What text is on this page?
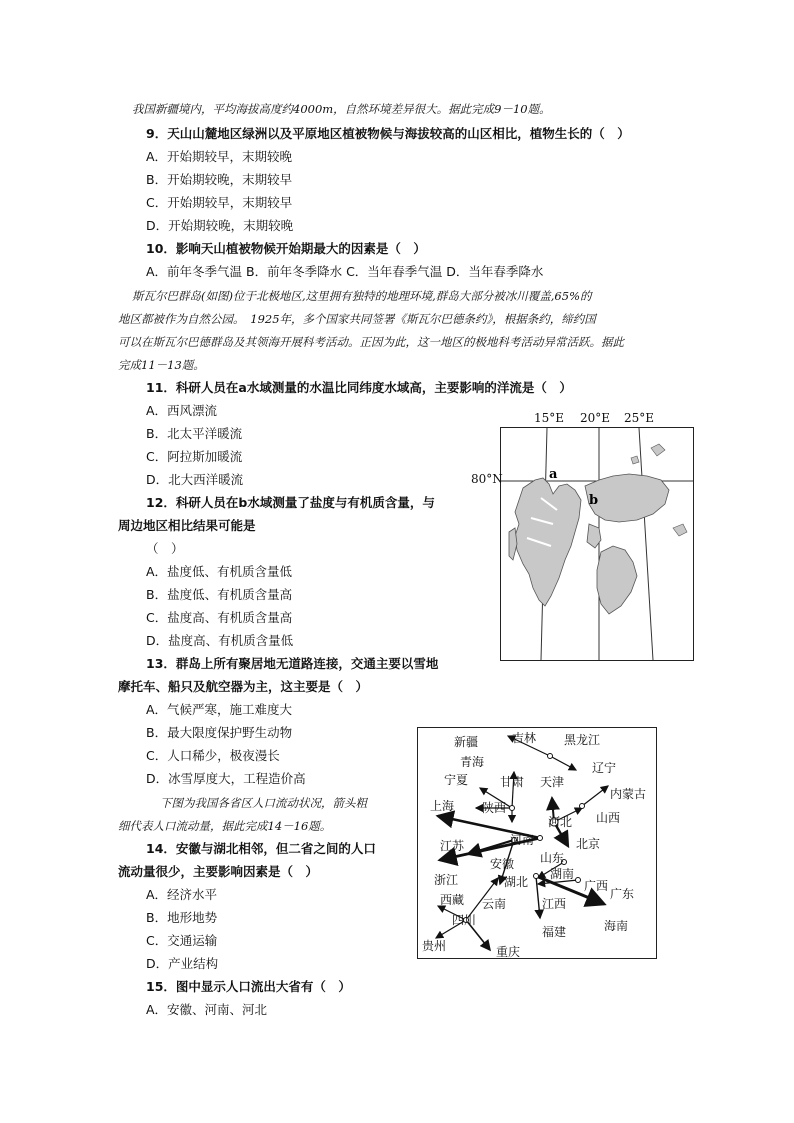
我国新疆境内，平均海拔高度约4000m，自然环境差异很大。据此完成9－10题。
9．天山山麓地区绿洲以及平原地区植被物候与海拔较高的山区相比，植物生长的（　）
A．开始期较早，末期较晚
B．开始期较晚，末期较早
C．开始期较早，末期较早
D．开始期较晚，末期较晚
10．影响天山植被物候开始期最大的因素是（　）
A．前年冬季气温 B．前年冬季降水 C．当年春季气温 D．当年春季降水
斯瓦尔巴群岛(如图)位于北极地区,这里拥有独特的地理环境,群岛大部分被冰川覆盖,65%的
地区都被作为自然公园。　1925年，多个国家共同签署《斯瓦尔巴德条约》，根据条约，缔约国
可以在斯瓦尔巴德群岛及其领海开展科考活动。正因为此，这一地区的极地科考活动异常活跃。据此
完成11－13题。
11．科研人员在a水域测量的水温比同纬度水域高，主要影响的洋流是（　）
A．西风漂流
B．北太平洋暖流
C．阿拉斯加暖流
D．北大西洋暖流
12．科研人员在b水域测量了盐度与有机质含量，与
周边地区相比结果可能是
（　）
A．盐度低、有机质含量低
B．盐度低、有机质含量高
C．盐度高、有机质含量高
D．盐度高、有机质含量低
13．群岛上所有聚居地无道路连接，交通主要以雪地
摩托车、船只及航空器为主，这主要是（　）
A．气候严寒，施工难度大
B．最大限度保护野生动物
C．人口稀少，极夜漫长
D．冰雪厚度大，工程造价高
下图为我国各省区人口流动状况，箭头粗
细代表人口流动量，据此完成14－16题。
14．安徽与湖北相邻，但二省之间的人口
流动量很少，主要影响因素是（　）
A．经济水平
B．地形地势
C．交通运输
D．产业结构
15．图中显示人口流出大省有（　）
A．安徽、河南、河北
a
b
15°E 20°E 25°E
80°N
新疆	吉林 黑龙江
青海	辽宁
宁夏	甘肃 天津
内蒙古
上海 陕西
河北 山西
河南	北京
江苏
安徽 山东
浙江	湖南
湖北	广西
广东
西藏 云南	江西
海南
四川
福建
贵州	重庆
